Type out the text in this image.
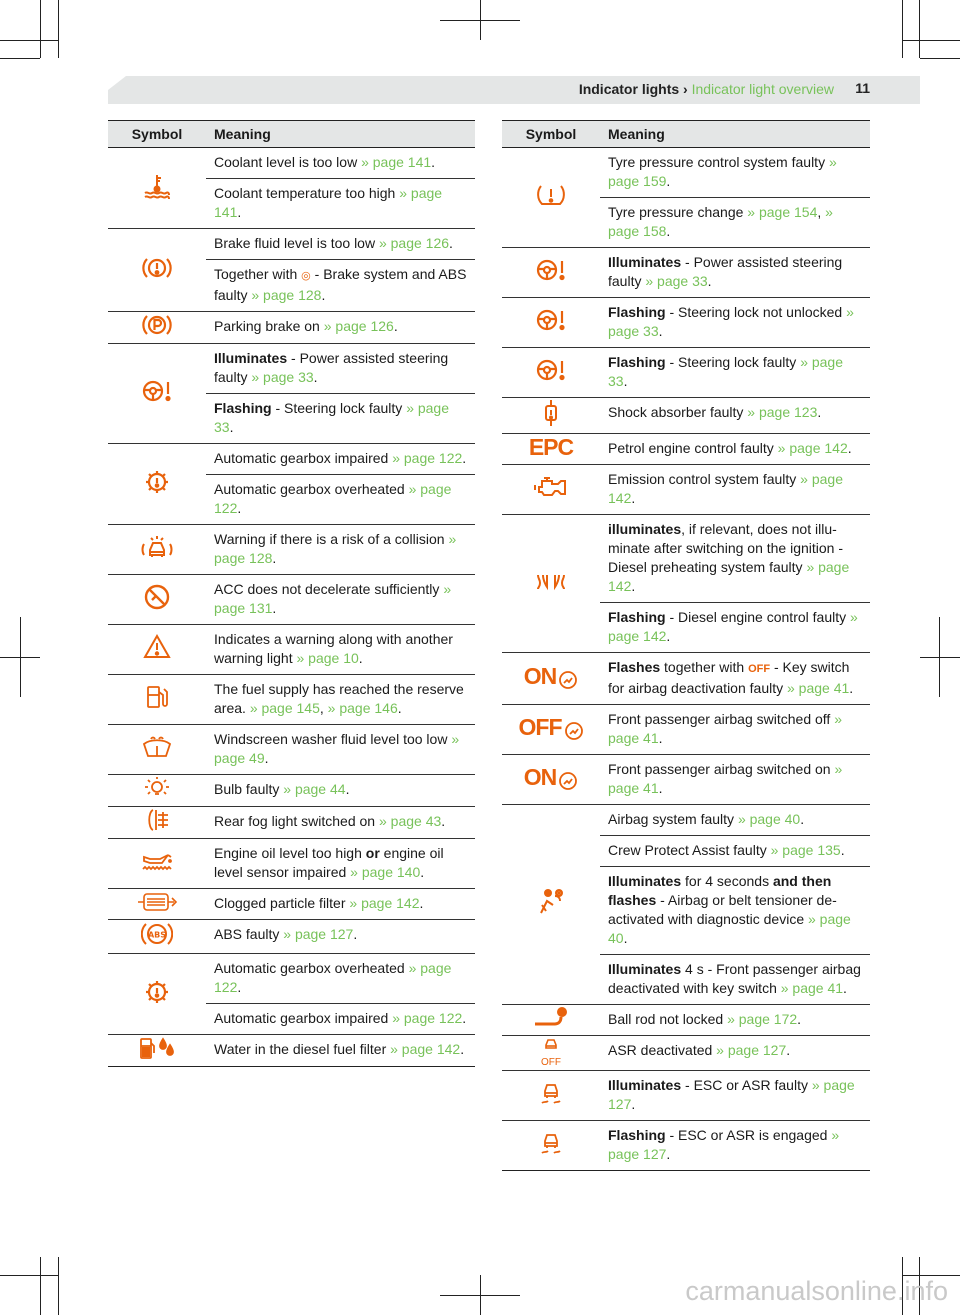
Indicator lights › Indicator light overview 11
Symbol	Meaning

	Coolant level is too low » page 141.
	Coolant temperature too high » page 141.

	Brake fluid level is too low » page 126.
	Together with ◎ - Brake system and ABS faulty » page 128.

	Parking brake on » page 126.

	Illuminates - Power assisted steering faulty » page 33.
	Flashing - Steering lock faulty » page 33.

	Automatic gearbox impaired » page 122.
	Automatic gearbox overheated » page 122.

	Warning if there is a risk of a collision » page 128.

	ACC does not decelerate sufficiently » page 131.

	Indicates a warning along with another warning light » page 10.

	The fuel supply has reached the reserve area. » page 145, » page 146.

	Windscreen washer fluid level too low » page 49.

	Bulb faulty » page 44.

	Rear fog light switched on » page 43.

	Engine oil level too high or engine oil level sensor impaired » page 140.

	Clogged particle filter » page 142.

ABS	ABS faulty » page 127.

	Automatic gearbox overheated » page 122.
	Automatic gearbox impaired » page 122.

	Water in the diesel fuel filter » page 142.
Symbol	Meaning

	Tyre pressure control system faulty » page 159.
	Tyre pressure change » page 154, » page 158.

	Illuminates - Power assisted steering faulty » page 33.

	Flashing - Steering lock not unlocked » page 33.

	Flashing - Steering lock faulty » page 33.

	Shock absorber faulty » page 123.
EPC	Petrol engine control faulty » page 142.

	Emission control system faulty » page 142.

	illuminates, if relevant, does not illuminate after switching on the ignition - Diesel preheating system faulty » page 142.
	Flashing - Diesel engine control faulty » page 142.
ON	Flashes together with OFF - Key switch for airbag deactivation faulty » page 41.
OFF	Front passenger airbag switched off » page 41.
ON	Front passenger airbag switched on » page 41.

	Airbag system faulty » page 40.
	Crew Protect Assist faulty » page 135.
	Illuminates for 4 seconds and then flashes - Airbag or belt tensioner deactivated with diagnostic device » page 40.
	Illuminates 4 s - Front passenger airbag deactivated with key switch » page 41.

	Ball rod not locked » page 172.

OFF	ASR deactivated » page 127.

	Illuminates - ESC or ASR faulty » page 127.

	Flashing - ESC or ASR is engaged » page 127.
carmanualsonline.info
